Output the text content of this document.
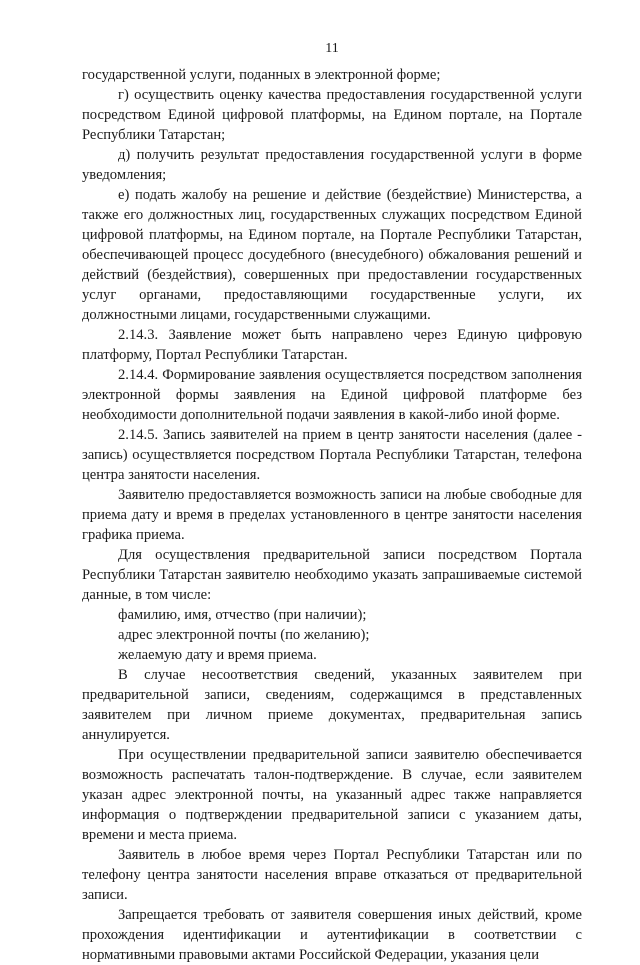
11

государственной услуги, поданных в электронной форме;

г) осуществить оценку качества предоставления государственной услуги посредством Единой цифровой платформы, на Едином портале, на Портале Республики Татарстан;

д) получить результат предоставления государственной услуги в форме уведомления;

е) подать жалобу на решение и действие (бездействие) Министерства, а также его должностных лиц, государственных служащих посредством Единой цифровой платформы, на Едином портале, на Портале Республики Татарстан, обеспечивающей процесс досудебного (внесудебного) обжалования решений и действий (бездействия), совершенных при предоставлении государственных услуг органами, предоставляющими государственные услуги, их должностными лицами, государственными служащими.

2.14.3. Заявление может быть направлено через Единую цифровую платформу, Портал Республики Татарстан.

2.14.4. Формирование заявления осуществляется посредством заполнения электронной формы заявления на Единой цифровой платформе без необходимости дополнительной подачи заявления в какой-либо иной форме.

2.14.5. Запись заявителей на прием в центр занятости населения (далее - запись) осуществляется посредством Портала Республики Татарстан, телефона центра занятости населения.

Заявителю предоставляется возможность записи на любые свободные для приема дату и время в пределах установленного в центре занятости населения графика приема.

Для осуществления предварительной записи посредством Портала Республики Татарстан заявителю необходимо указать запрашиваемые системой данные, в том числе:

фамилию, имя, отчество (при наличии);

адрес электронной почты (по желанию);

желаемую дату и время приема.

В случае несоответствия сведений, указанных заявителем при предварительной записи, сведениям, содержащимся в представленных заявителем при личном приеме документах, предварительная запись аннулируется.

При осуществлении предварительной записи заявителю обеспечивается возможность распечатать талон-подтверждение. В случае, если заявителем указан адрес электронной почты, на указанный адрес также направляется информация о подтверждении предварительной записи с указанием даты, времени и места приема.

Заявитель в любое время через Портал Республики Татарстан или по телефону центра занятости населения вправе отказаться от предварительной записи.

Запрещается требовать от заявителя совершения иных действий, кроме прохождения идентификации и аутентификации в соответствии с нормативными правовыми актами Российской Федерации, указания цели
